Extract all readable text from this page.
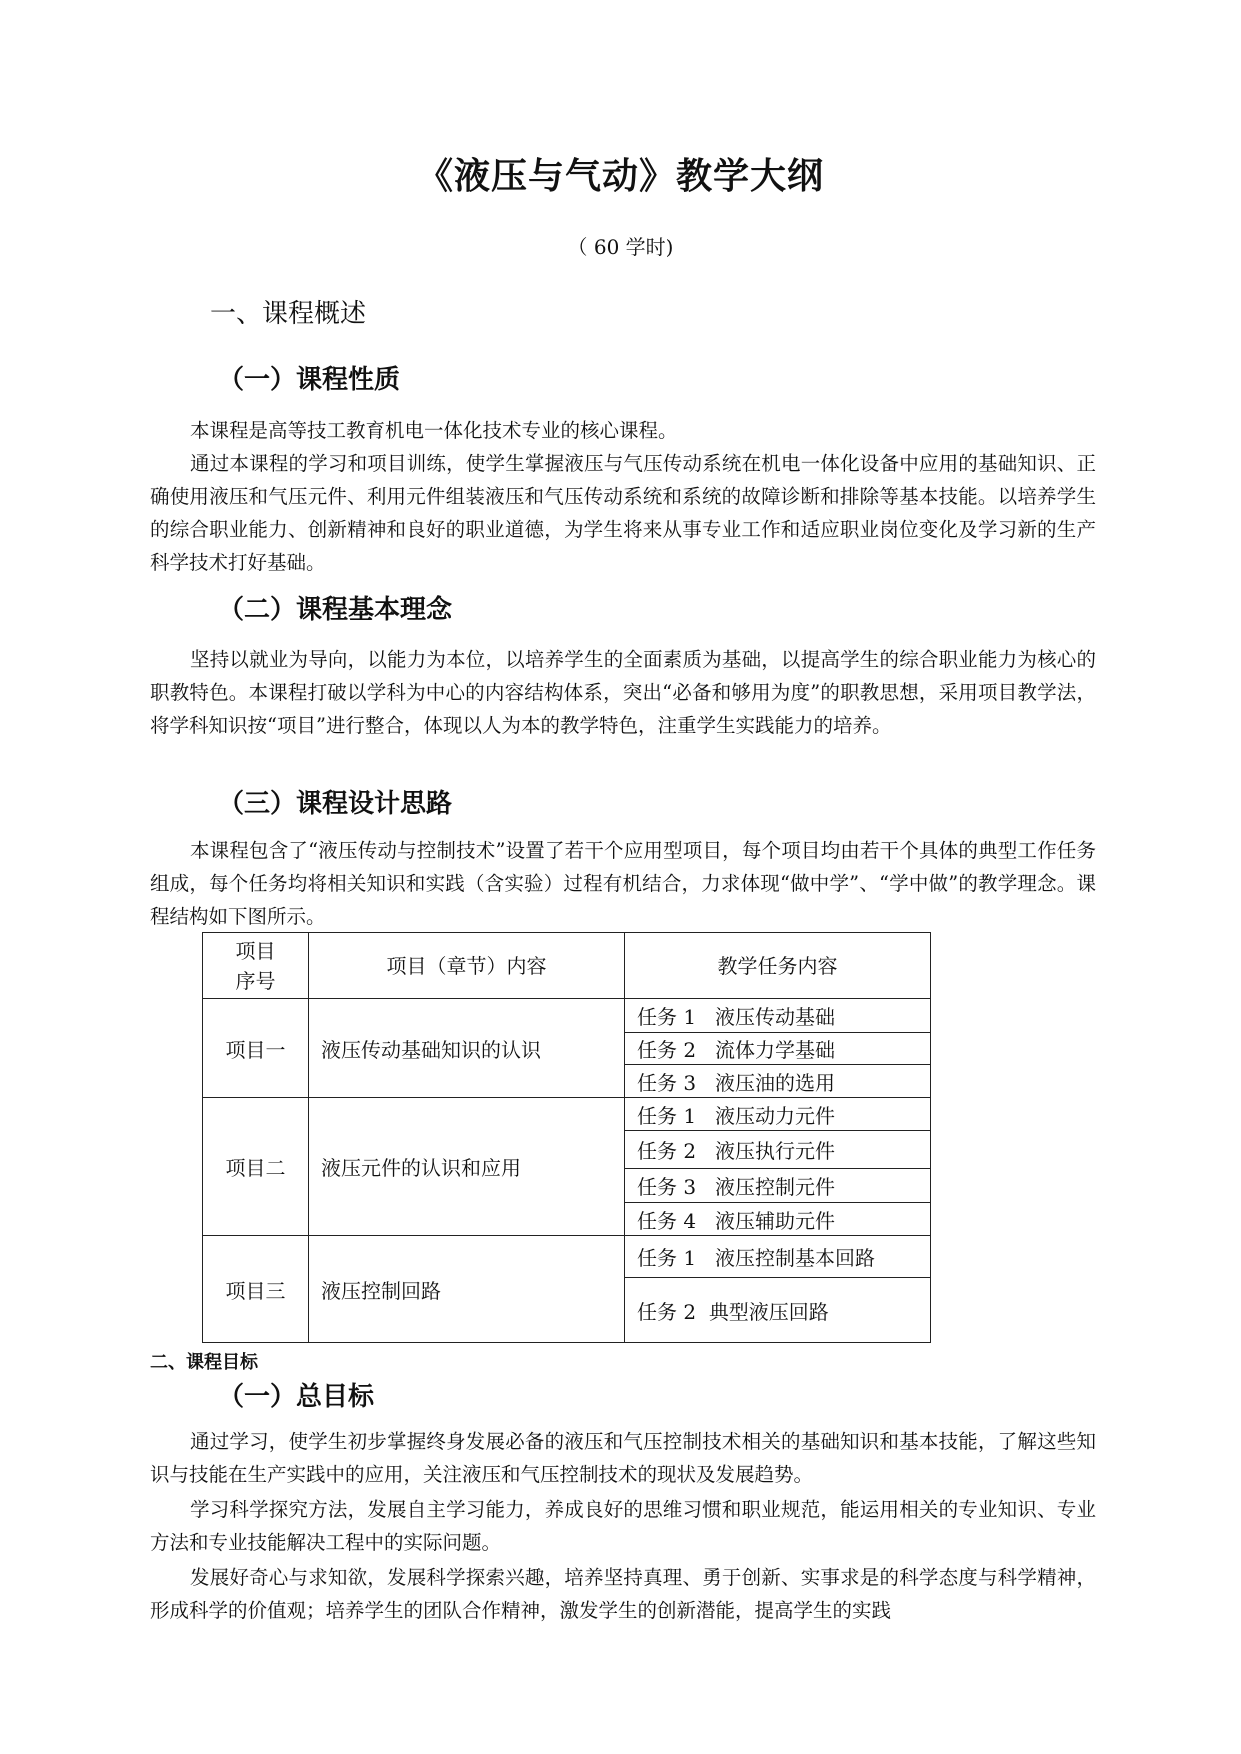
《液压与气动》教学大纲
（ 60 学时)
一、课程概述
（一）课程性质

本课程是高等技工教育机电一体化技术专业的核心课程。

通过本课程的学习和项目训练，使学生掌握液压与气压传动系统在机电一体化设备中应用的基础知识、正确使用液压和气压元件、利用元件组装液压和气压传动系统和系统的故障诊断和排除等基本技能。以培养学生的综合职业能力、创新精神和良好的职业道德，为学生将来从事专业工作和适应职业岗位变化及学习新的生产科学技术打好基础。

（二）课程基本理念

坚持以就业为导向，以能力为本位，以培养学生的全面素质为基础，以提高学生的综合职业能力为核心的职教特色。本课程打破以学科为中心的内容结构体系，突出“必备和够用为度”的职教思想，采用项目教学法，将学科知识按“项目”进行整合，体现以人为本的教学特色，注重学生实践能力的培养。

（三）课程设计思路

本课程包含了“液压传动与控制技术”设置了若干个应用型项目，每个项目均由若干个具体的典型工作任务组成，每个任务均将相关知识和实践（含实验）过程有机结合，力求体现“做中学”、“学中做”的教学理念。课程结构如下图所示。

项目
序号	项目（章节）内容	教学任务内容
项目一	液压传动基础知识的认识	任务 1 液压传动基础
		任务 2 流体力学基础
		任务 3 液压油的选用
项目二	液压元件的认识和应用	任务 1 液压动力元件
		任务 2 液压执行元件
		任务 3 液压控制元件
		任务 4 液压辅助元件
项目三	液压控制回路	任务 1 液压控制基本回路
		任务 2 典型液压回路
二、课程目标
（一）总目标

通过学习，使学生初步掌握终身发展必备的液压和气压控制技术相关的基础知识和基本技能，了解这些知识与技能在生产实践中的应用，关注液压和气压控制技术的现状及发展趋势。

学习科学探究方法，发展自主学习能力，养成良好的思维习惯和职业规范，能运用相关的专业知识、专业方法和专业技能解决工程中的实际问题。

发展好奇心与求知欲，发展科学探索兴趣，培养坚持真理、勇于创新、实事求是的科学态度与科学精神，形成科学的价值观；培养学生的团队合作精神，激发学生的创新潜能，提高学生的实践
